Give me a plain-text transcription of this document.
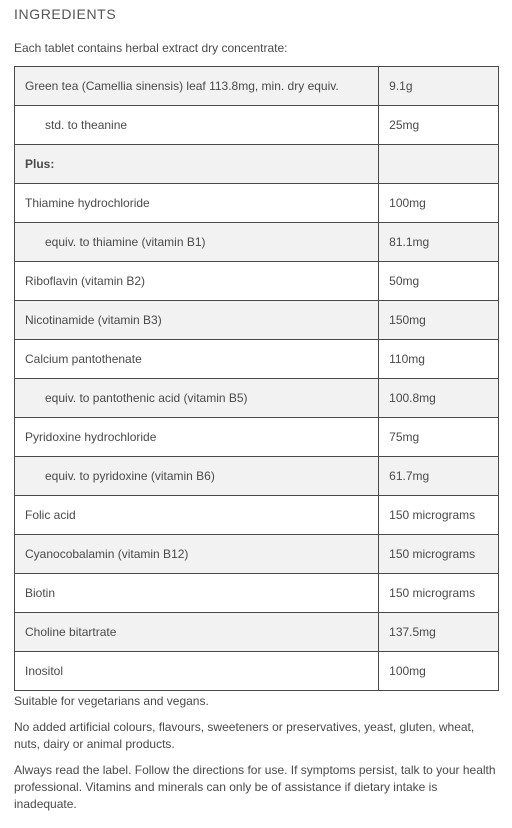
INGREDIENTS
Each tablet contains herbal extract dry concentrate:
Green tea (Camellia sinensis) leaf 113.8mg, min. dry equiv.	9.1g
std. to theanine	25mg
Plus:	
Thiamine hydrochloride	100mg
equiv. to thiamine (vitamin B1)	81.1mg
Riboflavin (vitamin B2)	50mg
Nicotinamide (vitamin B3)	150mg
Calcium pantothenate	110mg
equiv. to pantothenic acid (vitamin B5)	100.8mg
Pyridoxine hydrochloride	75mg
equiv. to pyridoxine (vitamin B6)	61.7mg
Folic acid	150 micrograms
Cyanocobalamin (vitamin B12)	150 micrograms
Biotin	150 micrograms
Choline bitartrate	137.5mg
Inositol	100mg

Suitable for vegetarians and vegans.

No added artificial colours, flavours, sweeteners or preservatives, yeast, gluten, wheat, nuts, dairy or animal products.

Always read the label. Follow the directions for use. If symptoms persist, talk to your health professional. Vitamins and minerals can only be of assistance if dietary intake is inadequate.
